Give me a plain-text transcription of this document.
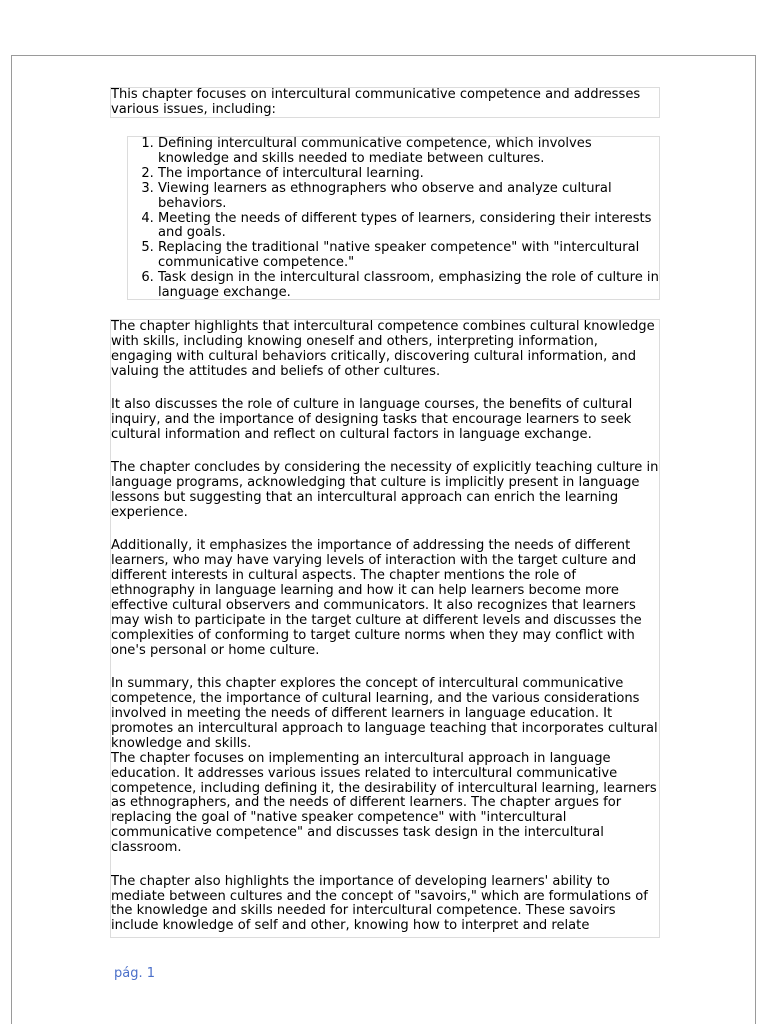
This chapter focuses on intercultural communicative competence and addresses various issues, including:
1. Defining intercultural communicative competence, which involves knowledge and skills needed to mediate between cultures.
2. The importance of intercultural learning.
3. Viewing learners as ethnographers who observe and analyze cultural behaviors.
4. Meeting the needs of different types of learners, considering their interests and goals.
5. Replacing the traditional "native speaker competence" with "intercultural communicative competence."
6. Task design in the intercultural classroom, emphasizing the role of culture in language exchange.

The chapter highlights that intercultural competence combines cultural knowledge with skills, including knowing oneself and others, interpreting information, engaging with cultural behaviors critically, discovering cultural information, and valuing the attitudes and beliefs of other cultures.

It also discusses the role of culture in language courses, the benefits of cultural inquiry, and the importance of designing tasks that encourage learners to seek cultural information and reflect on cultural factors in language exchange.

The chapter concludes by considering the necessity of explicitly teaching culture in language programs, acknowledging that culture is implicitly present in language lessons but suggesting that an intercultural approach can enrich the learning experience.

Additionally, it emphasizes the importance of addressing the needs of different learners, who may have varying levels of interaction with the target culture and different interests in cultural aspects. The chapter mentions the role of ethnography in language learning and how it can help learners become more effective cultural observers and communicators. It also recognizes that learners may wish to participate in the target culture at different levels and discusses the complexities of conforming to target culture norms when they may conflict with one's personal or home culture.

In summary, this chapter explores the concept of intercultural communicative competence, the importance of cultural learning, and the various considerations involved in meeting the needs of different learners in language education. It promotes an intercultural approach to language teaching that incorporates cultural knowledge and skills.

The chapter focuses on implementing an intercultural approach in language education. It addresses various issues related to intercultural communicative competence, including defining it, the desirability of intercultural learning, learners as ethnographers, and the needs of different learners. The chapter argues for replacing the goal of "native speaker competence" with "intercultural communicative competence" and discusses task design in the intercultural classroom.

The chapter also highlights the importance of developing learners' ability to mediate between cultures and the concept of "savoirs," which are formulations of the knowledge and skills needed for intercultural competence. These savoirs include knowledge of self and other, knowing how to interpret and relate

pág. 1
